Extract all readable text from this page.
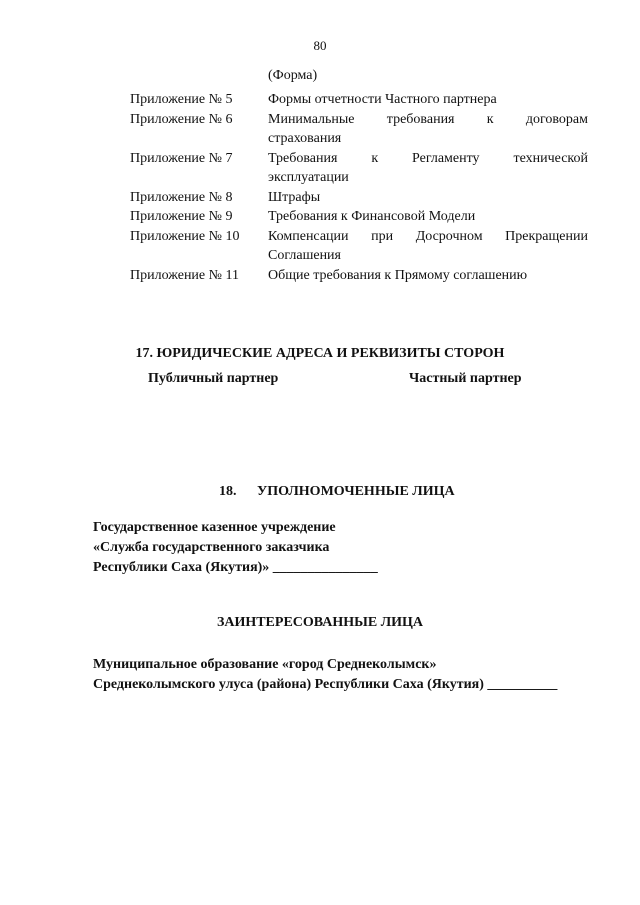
80
(Форма)
Приложение № 5	Формы отчетности Частного партнера
Приложение № 6	Минимальные требования к договорам
страхования
Приложение № 7	Требования к Регламенту технической
эксплуатации
Приложение № 8	Штрафы
Приложение № 9	Требования к Финансовой Модели
Приложение № 10 Компенсации при Досрочном Прекращении
Соглашения
Приложение № 11 Общие требования к Прямому соглашению
17. ЮРИДИЧЕСКИЕ АДРЕСА И РЕКВИЗИТЫ СТОРОН
Публичный партнер	Частный партнер
18. УПОЛНОМОЧЕННЫЕ ЛИЦА
Государственное казенное учреждение
«Служба государственного заказчика
Республики Саха (Якутия)» _______________
ЗАИНТЕРЕСОВАННЫЕ ЛИЦА
Муниципальное образование «город Среднеколымск»
Среднеколымского улуса (района) Республики Саха (Якутия) __________
